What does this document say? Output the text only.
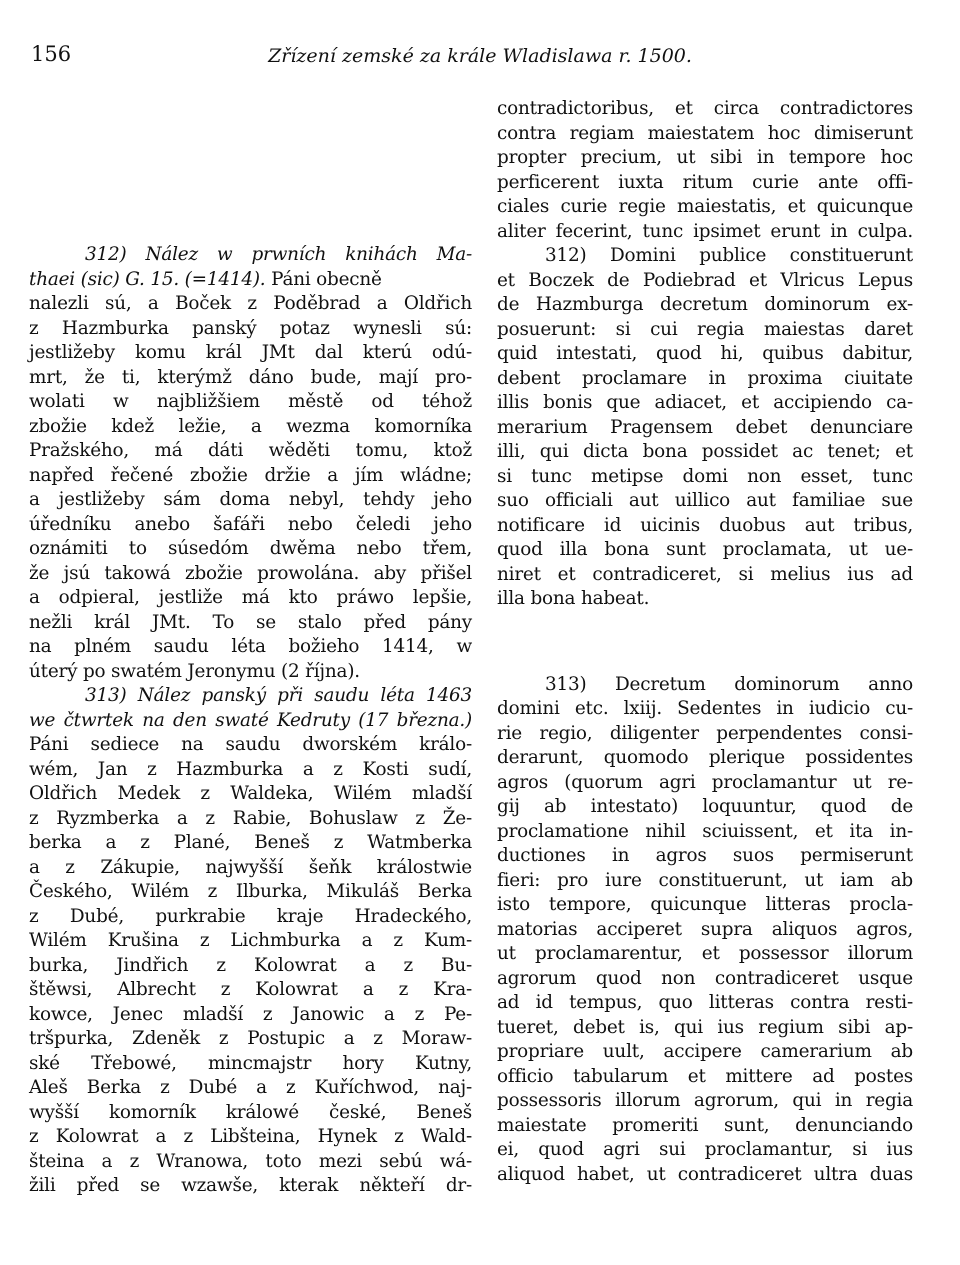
156	Zřízení zemské za krále Wladislawa r. 1500.
312) Nález w prwních knihách Ma-
thaei (sic) G. 15. (=1414). Páni obecně
nalezli sú, a Boček z Poděbrad a Oldřich
z Hazmburka panský potaz wynesli sú:
jestližeby komu král JMt dal kterú odú-
mrt, že ti, kterýmž dáno bude, mají pro-
wolati w najbližšiem městě od téhož
zbožie kdež ležie, a wezma komorníka
Pražského, má dáti wěděti tomu, ktož
napřed řečené zbožie držie a jím wládne;
a jestližeby sám doma nebyl, tehdy jeho
úředníku anebo šafáři nebo čeledi jeho
oznámiti to súsedóm dwěma nebo třem,
že jsú takowá zbožie prowolána. aby přišel
a odpieral, jestliže má kto práwo lepšie,
nežli král JMt. To se stalo před pány
na plném saudu léta božieho 1414, w
úterý po swatém Jeronymu (2 října).
313) Nález panský při saudu léta 1463
we čtwrtek na den swaté Kedruty (17 března.)
Páni sediece na saudu dworském králo-
wém, Jan z Hazmburka a z Kosti sudí,
Oldřich Medek z Waldeka, Wilém mladší
z Ryzmberka a z Rabie, Bohuslaw z Že-
berka a z Plané, Beneš z Watmberka
a z Zákupie, najwyšší šeňk králostwie
Českého, Wilém z Ilburka, Mikuláš Berka
z Dubé, purkrabie kraje Hradeckého,
Wilém Krušina z Lichmburka a z Kum-
burka, Jindřich z Kolowrat a z Bu-
štěwsi, Albrecht z Kolowrat a z Kra-
kowce, Jenec mladší z Janowic a z Pe-
tršpurka, Zdeněk z Postupic a z Moraw-
ské Třebowé, mincmajstr hory Kutny,
Aleš Berka z Dubé a z Kuříchwod, naj-
wyšší komorník králowé české, Beneš
z Kolowrat a z Libšteina, Hynek z Wald-
šteina a z Wranowa, toto mezi sebú wá-
žili před se wzawše, kterak někteří dr-
contradictoribus, et circa contradictores
contra regiam maiestatem hoc dimiserunt
propter precium, ut sibi in tempore hoc
perficerent iuxta ritum curie ante offi-
ciales curie regie maiestatis, et quicunque
aliter fecerint, tunc ipsimet erunt in culpa.
312) Domini publice constituerunt
et Boczek de Podiebrad et Vlricus Lepus
de Hazmburga decretum dominorum ex-
posuerunt: si cui regia maiestas daret
quid intestati, quod hi, quibus dabitur,
debent proclamare in proxima ciuitate
illis bonis que adiacet, et accipiendo ca-
merarium Pragensem debet denunciare
illi, qui dicta bona possidet ac tenet; et
si tunc metipse domi non esset, tunc
suo officiali aut uillico aut familiae sue
notificare id uicinis duobus aut tribus,
quod illa bona sunt proclamata, ut ue-
niret et contradiceret, si melius ius ad
illa bona habeat.
313) Decretum dominorum anno
domini etc. lxiij. Sedentes in iudicio cu-
rie regio, diligenter perpendentes consi-
derarunt, quomodo plerique possidentes
agros (quorum agri proclamantur ut re-
gij ab intestato) loquuntur, quod de
proclamatione nihil sciuissent, et ita in-
ductiones in agros suos permiserunt
fieri: pro iure constituerunt, ut iam ab
isto tempore, quicunque litteras procla-
matorias acciperet supra aliquos agros,
ut proclamarentur, et possessor illorum
agrorum quod non contradiceret usque
ad id tempus, quo litteras contra resti-
tueret, debet is, qui ius regium sibi ap-
propriare uult, accipere camerarium ab
officio tabularum et mittere ad postes
possessoris illorum agrorum, qui in regia
maiestate promeriti sunt, denunciando
ei, quod agri sui proclamantur, si ius
aliquod habet, ut contradiceret ultra duas
